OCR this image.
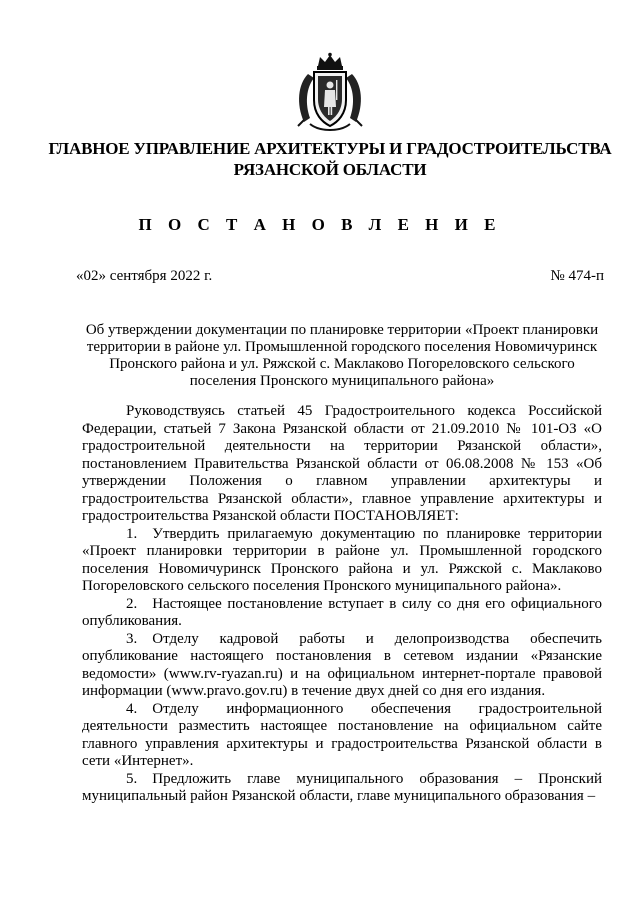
ГЛАВНОЕ УПРАВЛЕНИЕ АРХИТЕКТУРЫ И ГРАДОСТРОИТЕЛЬСТВА
РЯЗАНСКОЙ ОБЛАСТИ
П О С Т А Н О В Л Е Н И Е
«02» сентября 2022 г.	№ 474-п
Об утверждении документации по планировке территории «Проект планировки территории в районе ул. Промышленной городского поселения Новомичуринск Пронского района и ул. Ряжской с. Маклаково Погореловского сельского поселения Пронского муниципального района»

Руководствуясь статьей 45 Градостроительного кодекса Российской Федерации, статьей 7 Закона Рязанской области от 21.09.2010 № 101-ОЗ «О градостроительной деятельности на территории Рязанской области», постановлением Правительства Рязанской области от 06.08.2008 № 153 «Об утверждении Положения о главном управлении архитектуры и градостроительства Рязанской области», главное управление архитектуры и градостроительства Рязанской области ПОСТАНОВЛЯЕТ:

1. Утвердить прилагаемую документацию по планировке территории «Проект планировки территории в районе ул. Промышленной городского поселения Новомичуринск Пронского района и ул. Ряжской с. Маклаково Погореловского сельского поселения Пронского муниципального района».

2. Настоящее постановление вступает в силу со дня его официального опубликования.

3. Отделу кадровой работы и делопроизводства обеспечить опубликование настоящего постановления в сетевом издании «Рязанские ведомости» (www.rv-ryazan.ru) и на официальном интернет-портале правовой информации (www.pravo.gov.ru) в течение двух дней со дня его издания.

4. Отделу информационного обеспечения градостроительной деятельности разместить настоящее постановление на официальном сайте главного управления архитектуры и градостроительства Рязанской области в сети «Интернет».

5. Предложить главе муниципального образования – Пронский муниципальный район Рязанской области, главе муниципального образования –
